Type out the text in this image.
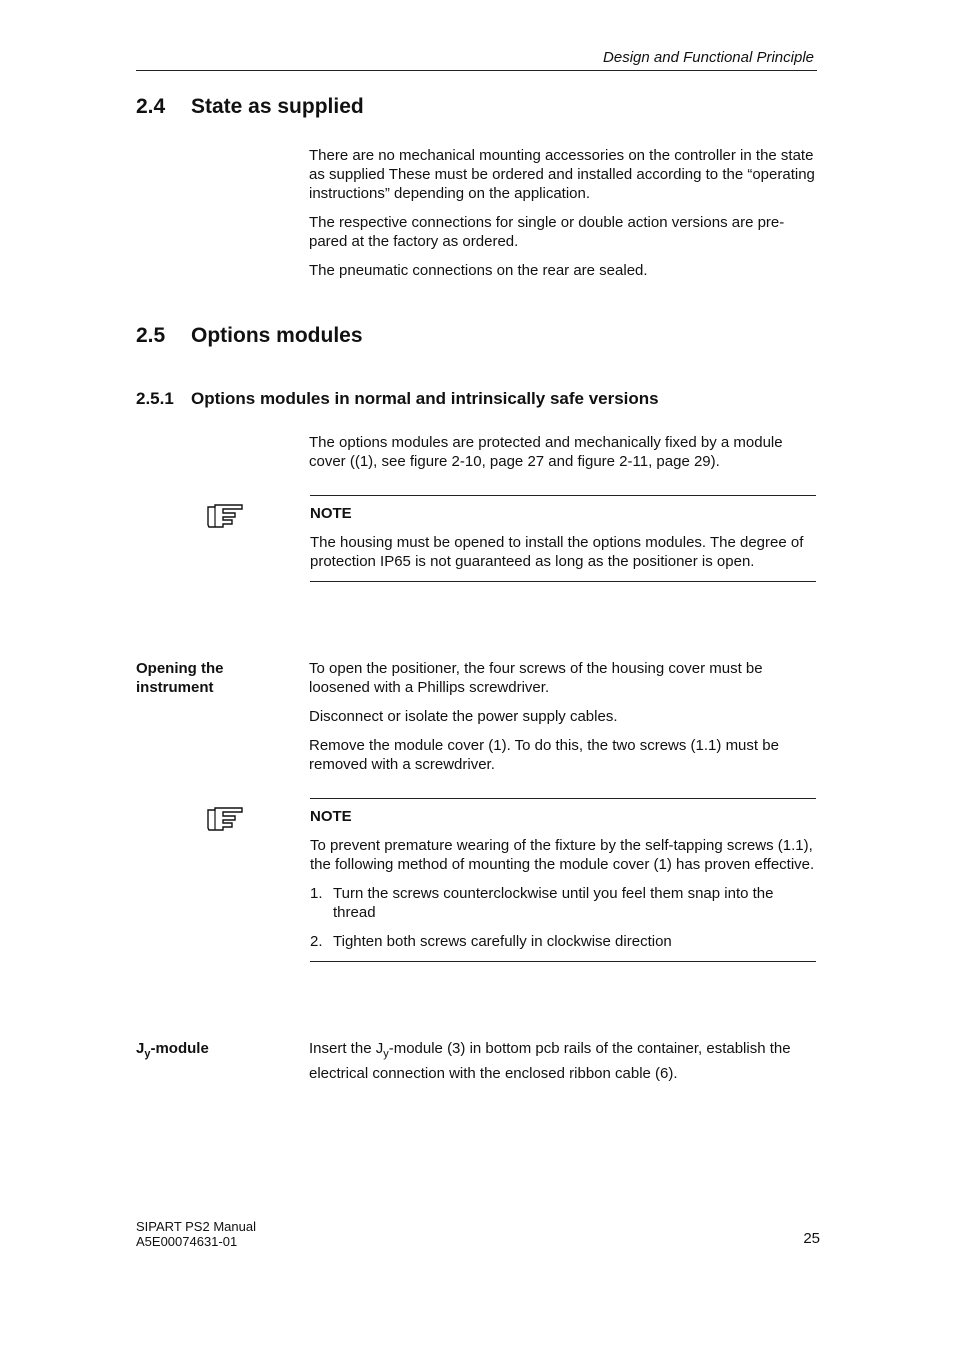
Design and Functional Principle
2.4 State as supplied

There are no mechanical mounting accessories on the controller in the state as supplied These must be ordered and installed according to the “operating instructions” depending on the application.

The respective connections for single or double action versions are pre-pared at the factory as ordered.

The pneumatic connections on the rear are sealed.

2.5 Options modules
2.5.1 Options modules in normal and intrinsically safe versions

The options modules are protected and mechanically fixed by a module cover ((1), see figure 2-10, page 27 and figure 2-11, page 29).

NOTE
The housing must be opened to install the options modules. The degree of protection IP65 is not guaranteed as long as the positioner is open.
Opening the
instrument

To open the positioner, the four screws of the housing cover must be loosened with a Phillips screwdriver.

Disconnect or isolate the power supply cables.

Remove the module cover (1). To do this, the two screws (1.1) must be removed with a screwdriver.

NOTE

To prevent premature wearing of the fixture by the self-tapping screws (1.1), the following method of mounting the module cover (1) has proven effective.

1. Turn the screws counterclockwise until you feel them snap into the thread
2. Tighten both screws carefully in clockwise direction
$J_y$-module	Insert the $J_y$-module (3) in bottom pcb rails of the container, establish the electrical connection with the enclosed ribbon cable (6).

SIPART PS2 Manual
A5E00074631-01	25
